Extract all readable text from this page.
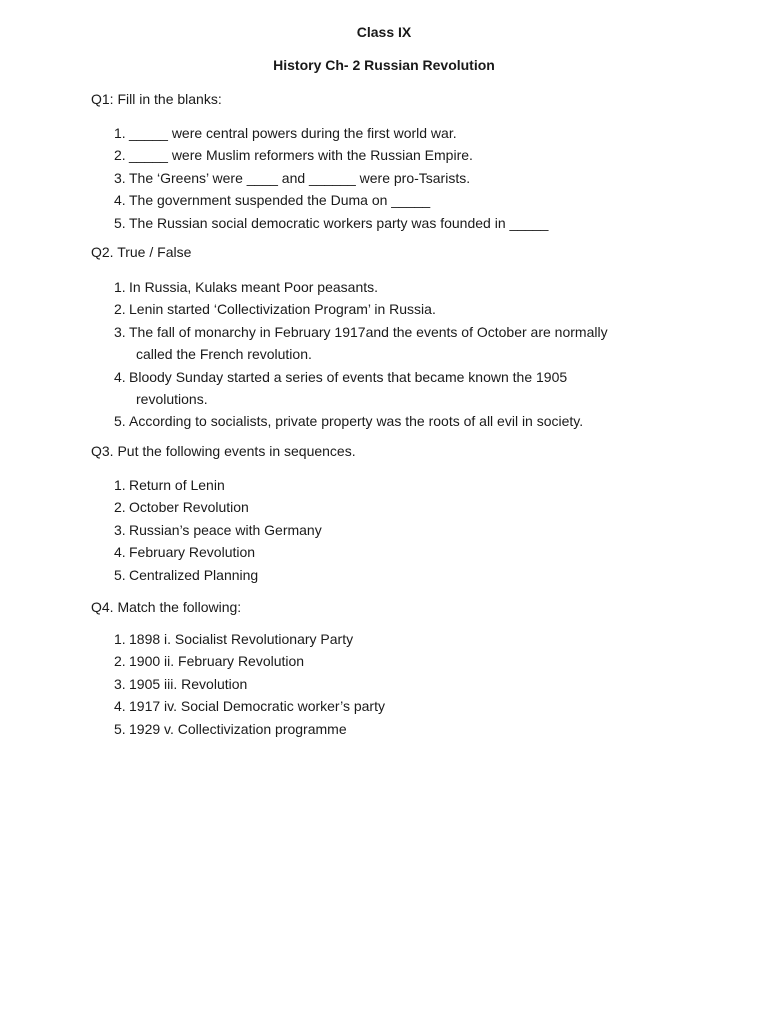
Class IX

History Ch- 2 Russian Revolution

Q1: Fill in the blanks:

1. _____ were central powers during the first world war.
2. _____ were Muslim reformers with the Russian Empire.
3. The ‘Greens’ were ____ and ______ were pro-Tsarists.
4. The government suspended the Duma on _____
5. The Russian social democratic workers party was founded in _____

Q2. True / False

1. In Russia, Kulaks meant Poor peasants.
2. Lenin started ‘Collectivization Program’ in Russia.
3. The fall of monarchy in February 1917and the events of October are normally
called the French revolution.
4. Bloody Sunday started a series of events that became known the 1905
revolutions.
5. According to socialists, private property was the roots of all evil in society.

Q3. Put the following events in sequences.

1. Return of Lenin
2. October Revolution
3. Russian’s peace with Germany
4. February Revolution
5. Centralized Planning

Q4. Match the following:

1. 1898 i. Socialist Revolutionary Party
2. 1900 ii. February Revolution
3. 1905 iii. Revolution
4. 1917 iv. Social Democratic worker’s party
5. 1929 v. Collectivization programme
